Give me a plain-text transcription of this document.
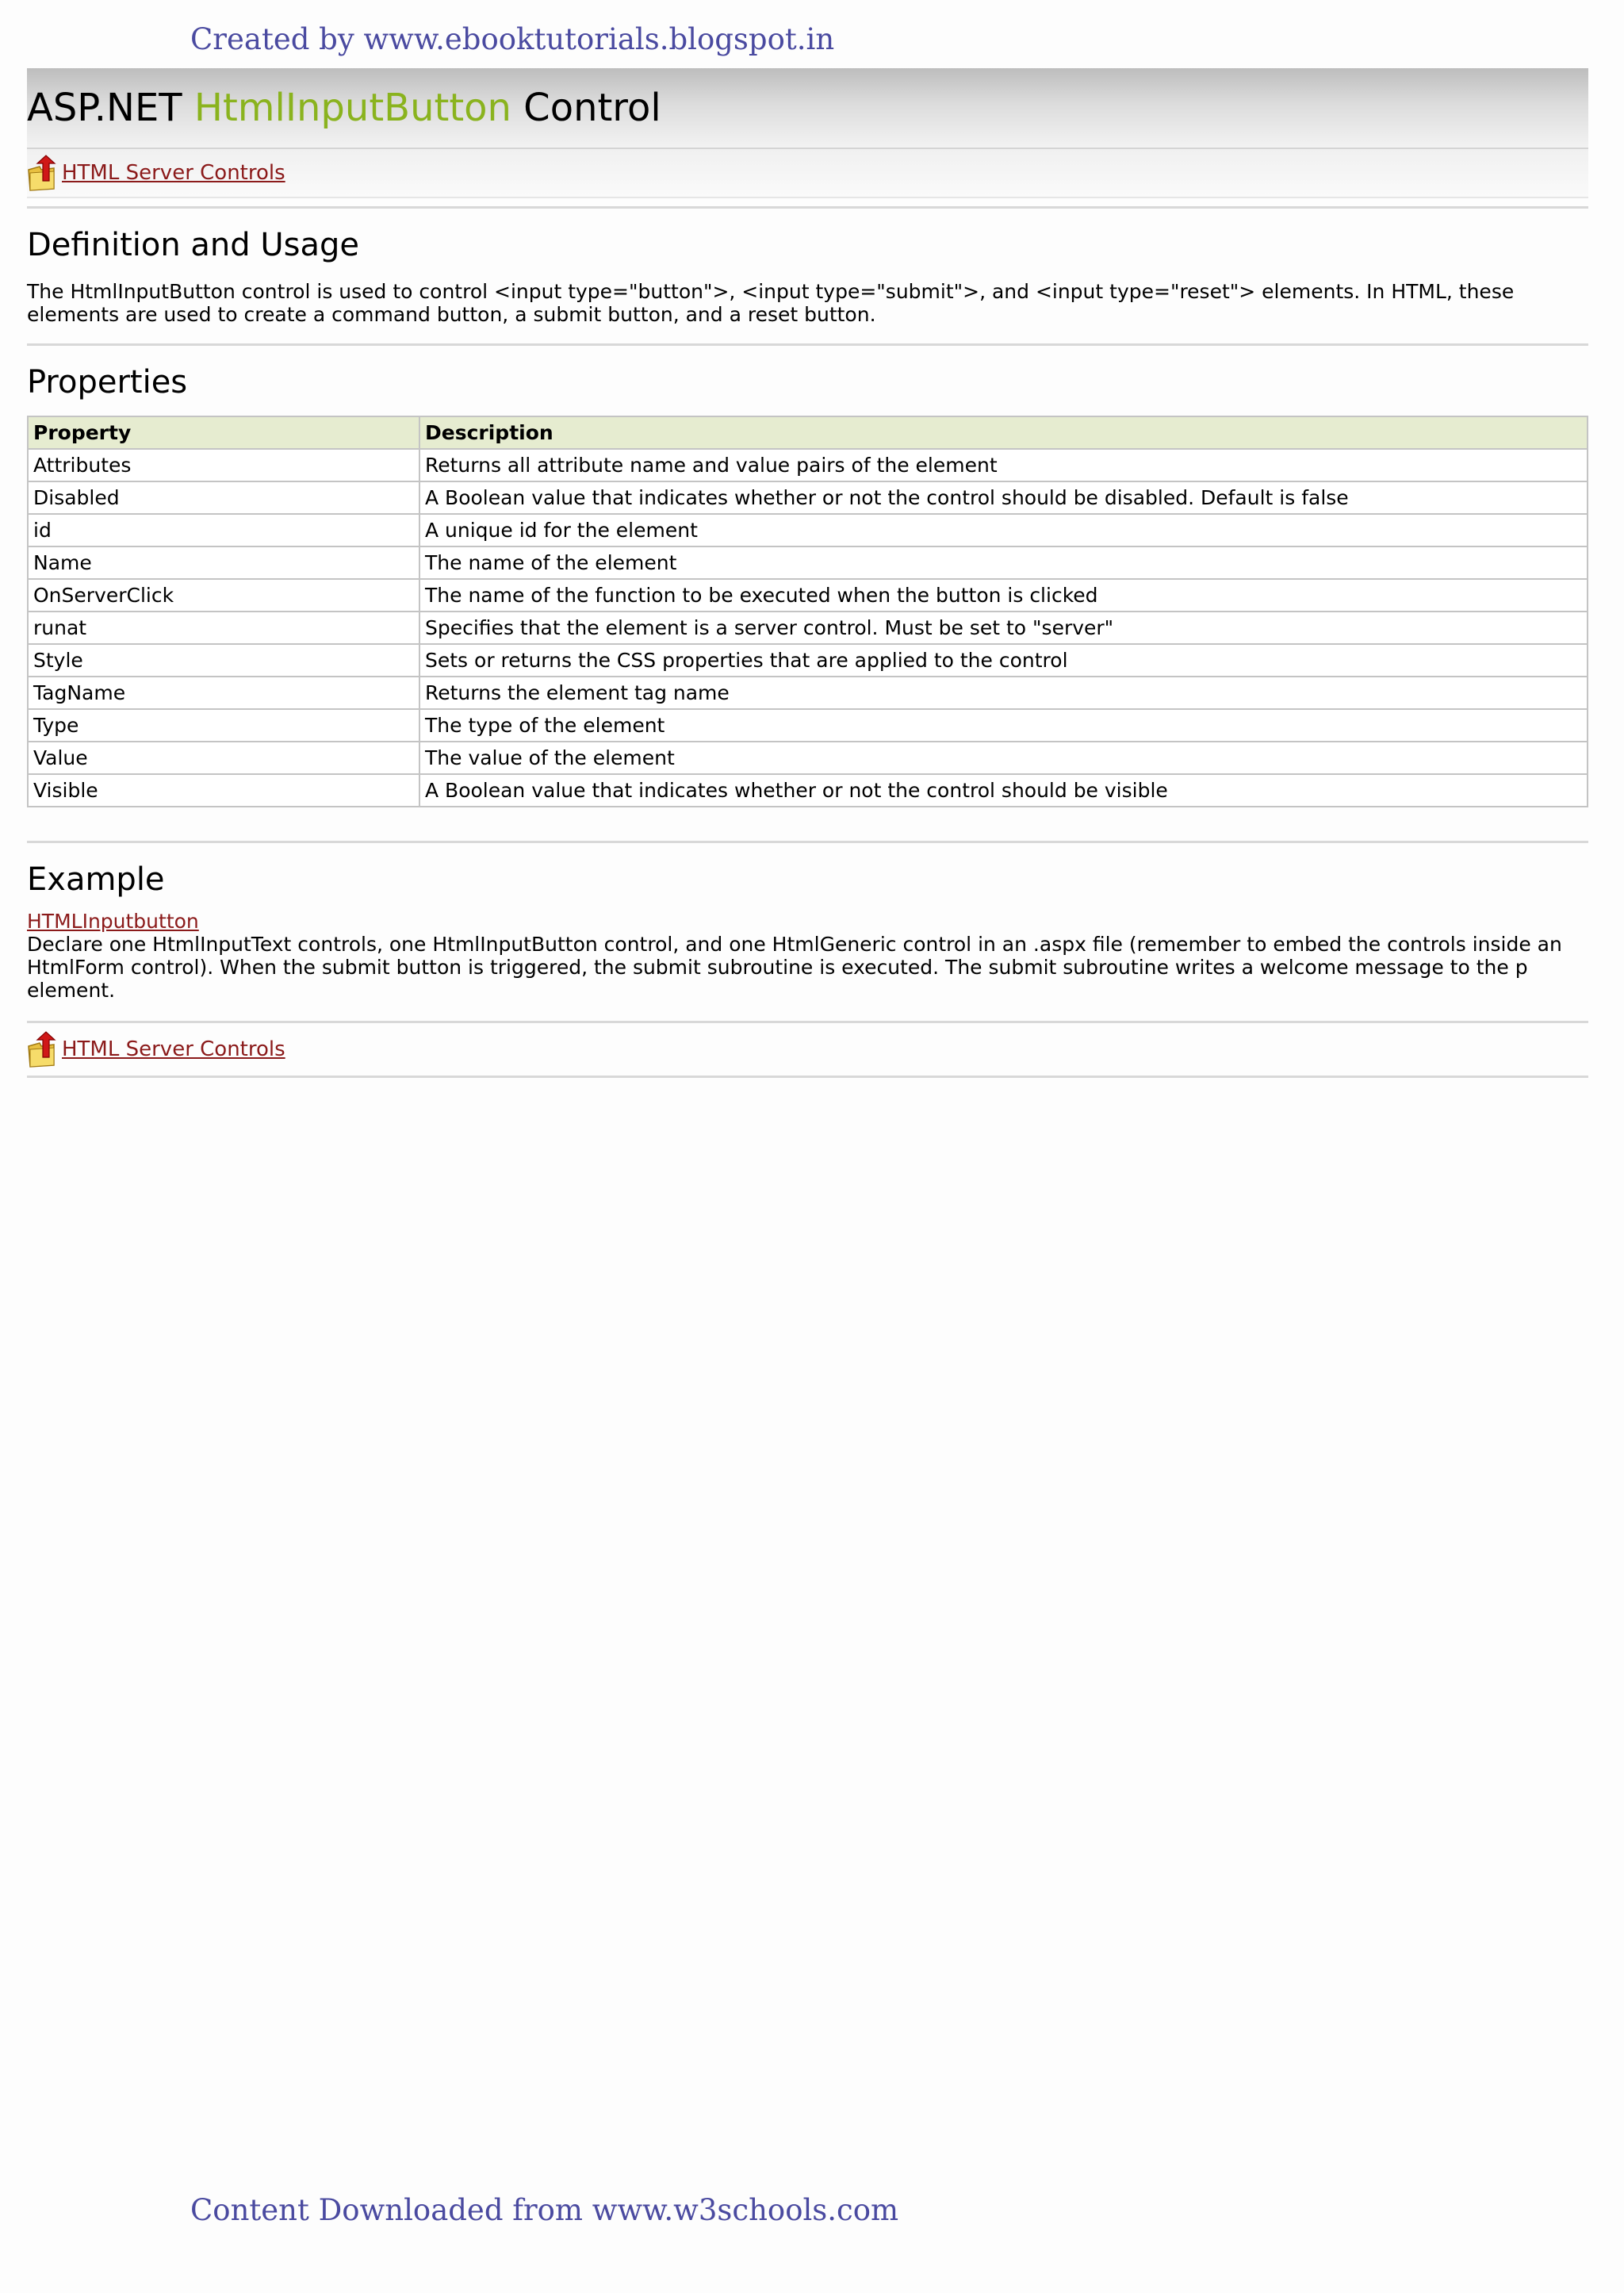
Created by www.ebooktutorials.blogspot.in
ASP.NET HtmlInputButton Control
HTML Server Controls
Definition and Usage

The HtmlInputButton control is used to control <input type="button">, <input type="submit">, and <input type="reset"> elements. In HTML, these elements are used to create a command button, a submit button, and a reset button.

Properties
Property	Description
Attributes	Returns all attribute name and value pairs of the element
Disabled	A Boolean value that indicates whether or not the control should be disabled. Default is false
id	A unique id for the element
Name	The name of the element
OnServerClick	The name of the function to be executed when the button is clicked
runat	Specifies that the element is a server control. Must be set to "server"
Style	Sets or returns the CSS properties that are applied to the control
TagName	Returns the element tag name
Type	The type of the element
Value	The value of the element
Visible	A Boolean value that indicates whether or not the control should be visible
Example
HTMLInputbutton

Declare one HtmlInputText controls, one HtmlInputButton control, and one HtmlGeneric control in an .aspx file (remember to embed the controls inside an HtmlForm control). When the submit button is triggered, the submit subroutine is executed. The submit subroutine writes a welcome message to the p element.

HTML Server Controls
Content Downloaded from www.w3schools.com
